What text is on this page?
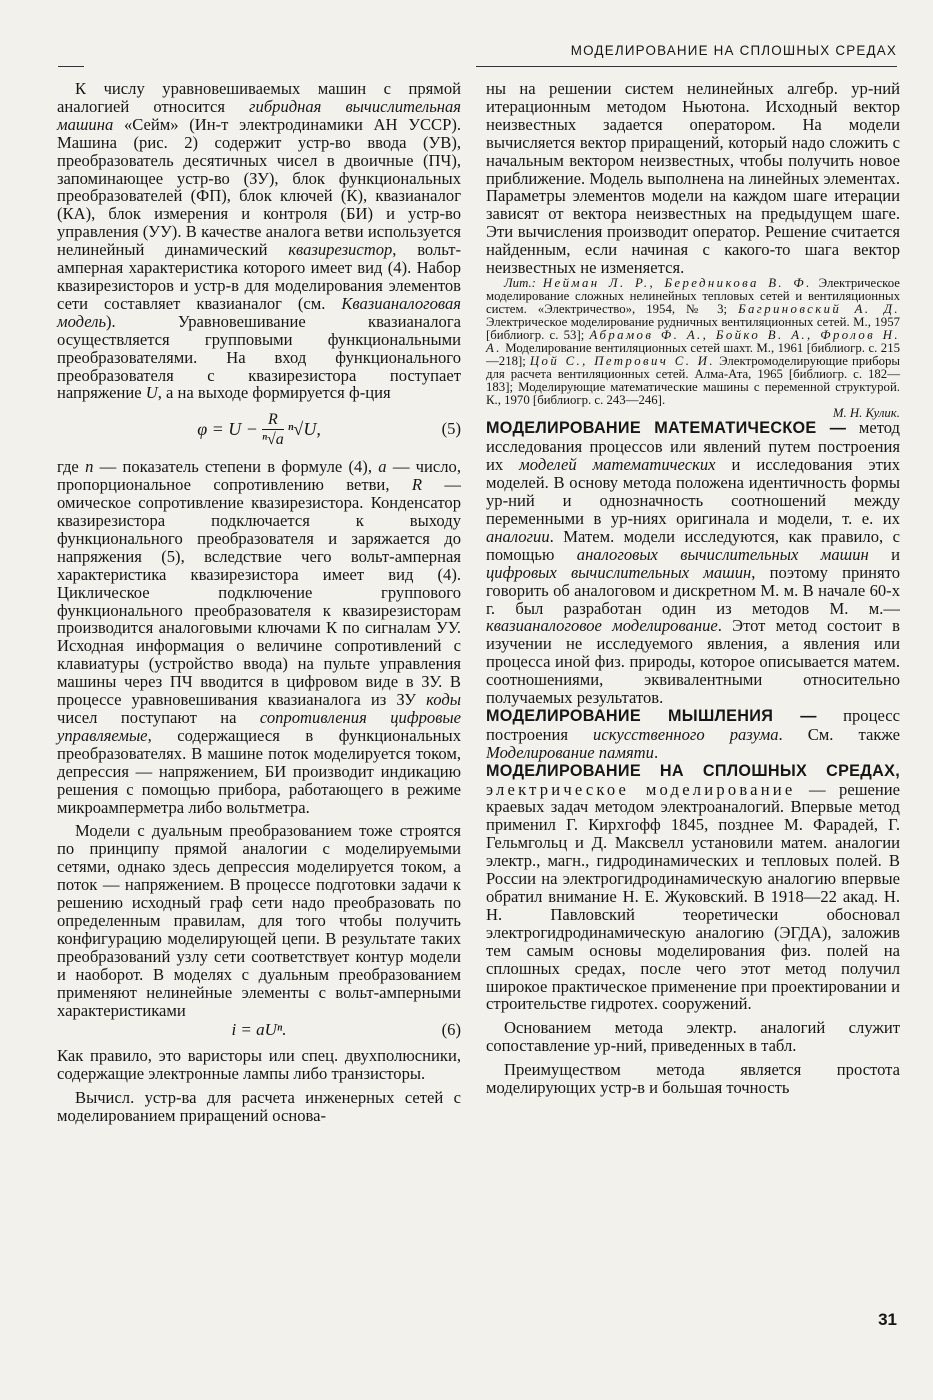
МОДЕЛИРОВАНИЕ НА СПЛОШНЫХ СРЕДАХ

К числу уравновешиваемых машин с прямой аналогией относится гибридная вычислительная машина «Сейм» (Ин-т электродинамики АН УССР). Машина (рис. 2) содержит устр-во ввода (УВ), преобразователь десятичных чисел в двоичные (ПЧ), запоминающее устр-во (ЗУ), блок функциональных преобразователей (ФП), блок ключей (К), квазианалог (КА), блок измерения и контроля (БИ) и устр-во управления (УУ). В качестве аналога ветви используется нелинейный динамический квазирезистор, вольт-амперная характеристика которого имеет вид (4). Набор квазирезисторов и устр-в для моделирования элементов сети составляет квазианалог (см. Квазианалоговая модель). Уравновешивание квазианалога осуществляется групповыми функциональными преобразователями. На вход функционального преобразователя с квазирезистора поступает напряжение U, а на выходе формируется ф-ция

$\varphi = U - \frac{R}{\text{ⁿ√a}} ^n√U$,	(5)

где n — показатель степени в формуле (4), a — число, пропорциональное сопротивлению ветви, R — омическое сопротивление квазирезистора. Конденсатор квазирезистора подключается к выходу функционального преобразователя и заряжается до напряжения (5), вследствие чего вольт-амперная характеристика квазирезистора имеет вид (4). Циклическое подключение группового функционального преобразователя к квазирезисторам производится аналоговыми ключами К по сигналам УУ. Исходная информация о величине сопротивлений с клавиатуры (устройство ввода) на пульте управления машины через ПЧ вводится в цифровом виде в ЗУ. В процессе уравновешивания квазианалога из ЗУ коды чисел поступают на сопротивления цифровые управляемые, содержащиеся в функциональных преобразователях. В машине поток моделируется током, депрессия — напряжением, БИ производит индикацию решения с помощью прибора, работающего в режиме микроамперметра либо вольтметра.

Модели с дуальным преобразованием тоже строятся по принципу прямой аналогии с моделируемыми сетями, однако здесь депрессия моделируется током, а поток — напряжением. В процессе подготовки задачи к решению исходный граф сети надо преобразовать по определенным правилам, для того чтобы получить конфигурацию моделирующей цепи. В результате таких преобразований узлу сети соответствует контур модели и наоборот. В моделях с дуальным преобразованием применяют нелинейные элементы с вольт-амперными характеристиками

i = aUⁿ.	(6)

Как правило, это варисторы или спец. двухполюсники, содержащие электронные лампы либо транзисторы.

Вычисл. устр-ва для расчета инженерных сетей с моделированием приращений основа-

ны на решении систем нелинейных алгебр. ур-ний итерационным методом Ньютона. Исходный вектор неизвестных задается оператором. На модели вычисляется вектор приращений, который надо сложить с начальным вектором неизвестных, чтобы получить новое приближение. Модель выполнена на линейных элементах. Параметры элементов модели на каждом шаге итерации зависят от вектора неизвестных на предыдущем шаге. Эти вычисления производит оператор. Решение считается найденным, если начиная с какого-то шага вектор неизвестных не изменяется.

Лит.: Нейман Л. Р., Бередникова В. Ф. Электрическое моделирование сложных нелинейных тепловых сетей и вентиляционных систем. «Электричество», 1954, № 3; Багриновский А. Д. Электрическое моделирование рудничных вентиляционных сетей. М., 1957 [библиогр. с. 53]; Абрамов Ф. А., Бойко В. А., Фролов Н. А. Моделирование вентиляционных сетей шахт. М., 1961 [библиогр. с. 215—218]; Цой С., Петрович С. И. Электромоделирующие приборы для расчета вентиляционных сетей. Алма-Ата, 1965 [библиогр. с. 182—183]; Моделирующие математические машины с переменной структурой. К., 1970 [библиогр. с. 243—246].

М. Н. Кулик.

МОДЕЛИРОВАНИЕ МАТЕМАТИЧЕСКОЕ — метод исследования процессов или явлений путем построения их моделей математических и исследования этих моделей. В основу метода положена идентичность формы ур-ний и однозначность соотношений между переменными в ур-ниях оригинала и модели, т. е. их аналогии. Матем. модели исследуются, как правило, с помощью аналоговых вычислительных машин и цифровых вычислительных машин, поэтому принято говорить об аналоговом и дискретном М. м. В начале 60-х г. был разработан один из методов М. м.— квазианалоговое моделирование. Этот метод состоит в изучении не исследуемого явления, а явления или процесса иной физ. природы, которое описывается матем. соотношениями, эквивалентными относительно получаемых результатов.

МОДЕЛИРОВАНИЕ МЫШЛЕНИЯ — процесс построения искусственного разума. См. также Моделирование памяти.

МОДЕЛИРОВАНИЕ НА СПЛОШНЫХ СРЕДАХ, электрическое моделирование — решение краевых задач методом электроаналогий. Впервые метод применил Г. Кирхгофф 1845, позднее М. Фарадей, Г. Гельмгольц и Д. Максвелл установили матем. аналогии электр., магн., гидродинамических и тепловых полей. В России на электрогидродинамическую аналогию впервые обратил внимание Н. Е. Жуковский. В 1918—22 акад. Н. Н. Павловский теоретически обосновал электрогидродинамическую аналогию (ЭГДА), заложив тем самым основы моделирования физ. полей на сплошных средах, после чего этот метод получил широкое практическое применение при проектировании и строительстве гидротех. сооружений.

Основанием метода электр. аналогий служит сопоставление ур-ний, приведенных в табл.

Преимуществом метода является простота моделирующих устр-в и большая точность

31
